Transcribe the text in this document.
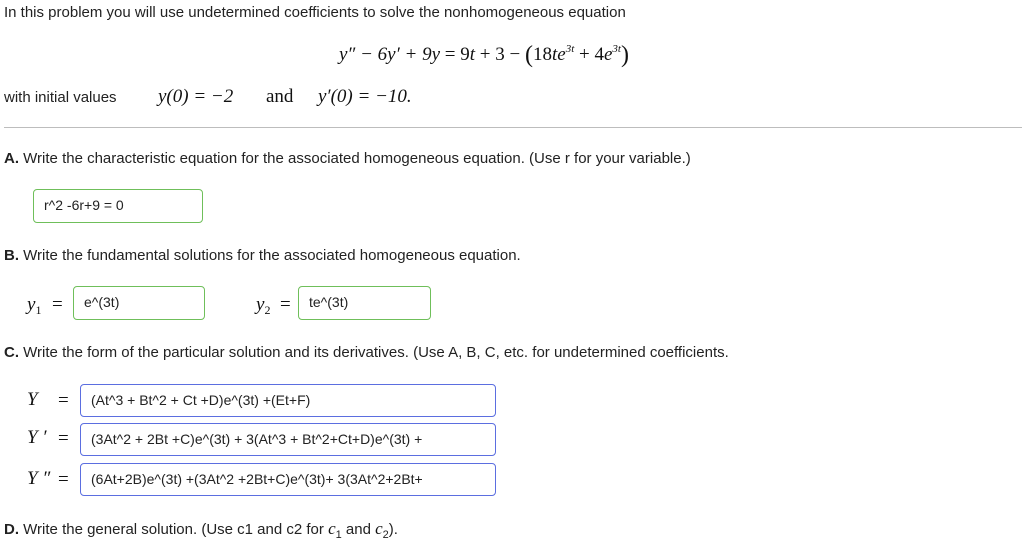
In this problem you will use undetermined coefficients to solve the nonhomogeneous equation
$y'' - 6y' + 9y = 9t + 3 - (18te^{3t} + 4e^{3t})$
with initial values y(0) = −2 and y′(0) = −10.
A. Write the characteristic equation for the associated homogeneous equation. (Use r for your variable.)
r^2 -6r+9 = 0
B. Write the fundamental solutions for the associated homogeneous equation.
$y_1$ =	e^(3t)	$y_2$ =	te^(3t)
C. Write the form of the particular solution and its derivatives. (Use A, B, C, etc. for undetermined coefficients.
Y =	(At^3 + Bt^2 + Ct +D)e^(3t) +(Et+F)
Y ′ =	(3At^2 + 2Bt +C)e^(3t) + 3(At^3 + Bt^2+Ct+D)e^(3t) +
Y ″ =	(6At+2B)e^(3t) +(3At^2 +2Bt+C)e^(3t)+ 3(3At^2+2Bt+
D. Write the general solution. (Use c1 and c2 for $c_1$ and $c_2$).
